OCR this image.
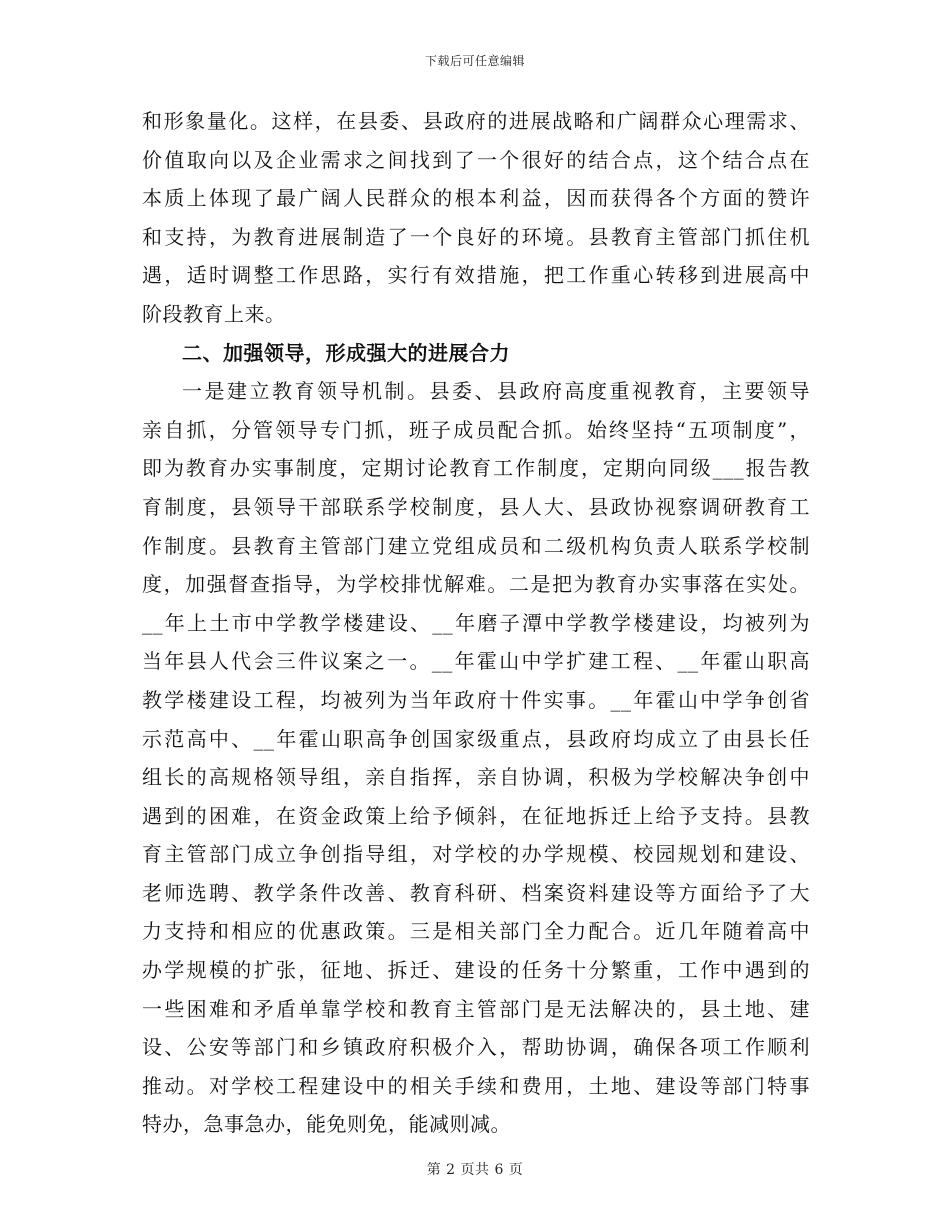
下载后可任意编辑
和形象量化。这样，在县委、县政府的进展战略和广阔群众心理需求、
价值取向以及企业需求之间找到了一个很好的结合点，这个结合点在
本质上体现了最广阔人民群众的根本利益，因而获得各个方面的赞许
和支持，为教育进展制造了一个良好的环境。县教育主管部门抓住机
遇，适时调整工作思路，实行有效措施，把工作重心转移到进展高中
阶段教育上来。
二、加强领导，形成强大的进展合力
一是建立教育领导机制。县委、县政府高度重视教育，主要领导
亲自抓，分管领导专门抓，班子成员配合抓。始终坚持“五项制度”，
即为教育办实事制度，定期讨论教育工作制度，定期向同级___报告教
育制度，县领导干部联系学校制度，县人大、县政协视察调研教育工
作制度。县教育主管部门建立党组成员和二级机构负责人联系学校制
度，加强督查指导，为学校排忧解难。二是把为教育办实事落在实处。
__年上土市中学教学楼建设、__年磨子潭中学教学楼建设，均被列为
当年县人代会三件议案之一。__年霍山中学扩建工程、__年霍山职高
教学楼建设工程，均被列为当年政府十件实事。__年霍山中学争创省
示范高中、__年霍山职高争创国家级重点，县政府均成立了由县长任
组长的高规格领导组，亲自指挥，亲自协调，积极为学校解决争创中
遇到的困难，在资金政策上给予倾斜，在征地拆迁上给予支持。县教
育主管部门成立争创指导组，对学校的办学规模、校园规划和建设、
老师选聘、教学条件改善、教育科研、档案资料建设等方面给予了大
力支持和相应的优惠政策。三是相关部门全力配合。近几年随着高中
办学规模的扩张，征地、拆迁、建设的任务十分繁重，工作中遇到的
一些困难和矛盾单靠学校和教育主管部门是无法解决的，县土地、建
设、公安等部门和乡镇政府积极介入，帮助协调，确保各项工作顺利
推动。对学校工程建设中的相关手续和费用，土地、建设等部门特事
特办，急事急办，能免则免，能减则减。
第 2 页共 6 页
